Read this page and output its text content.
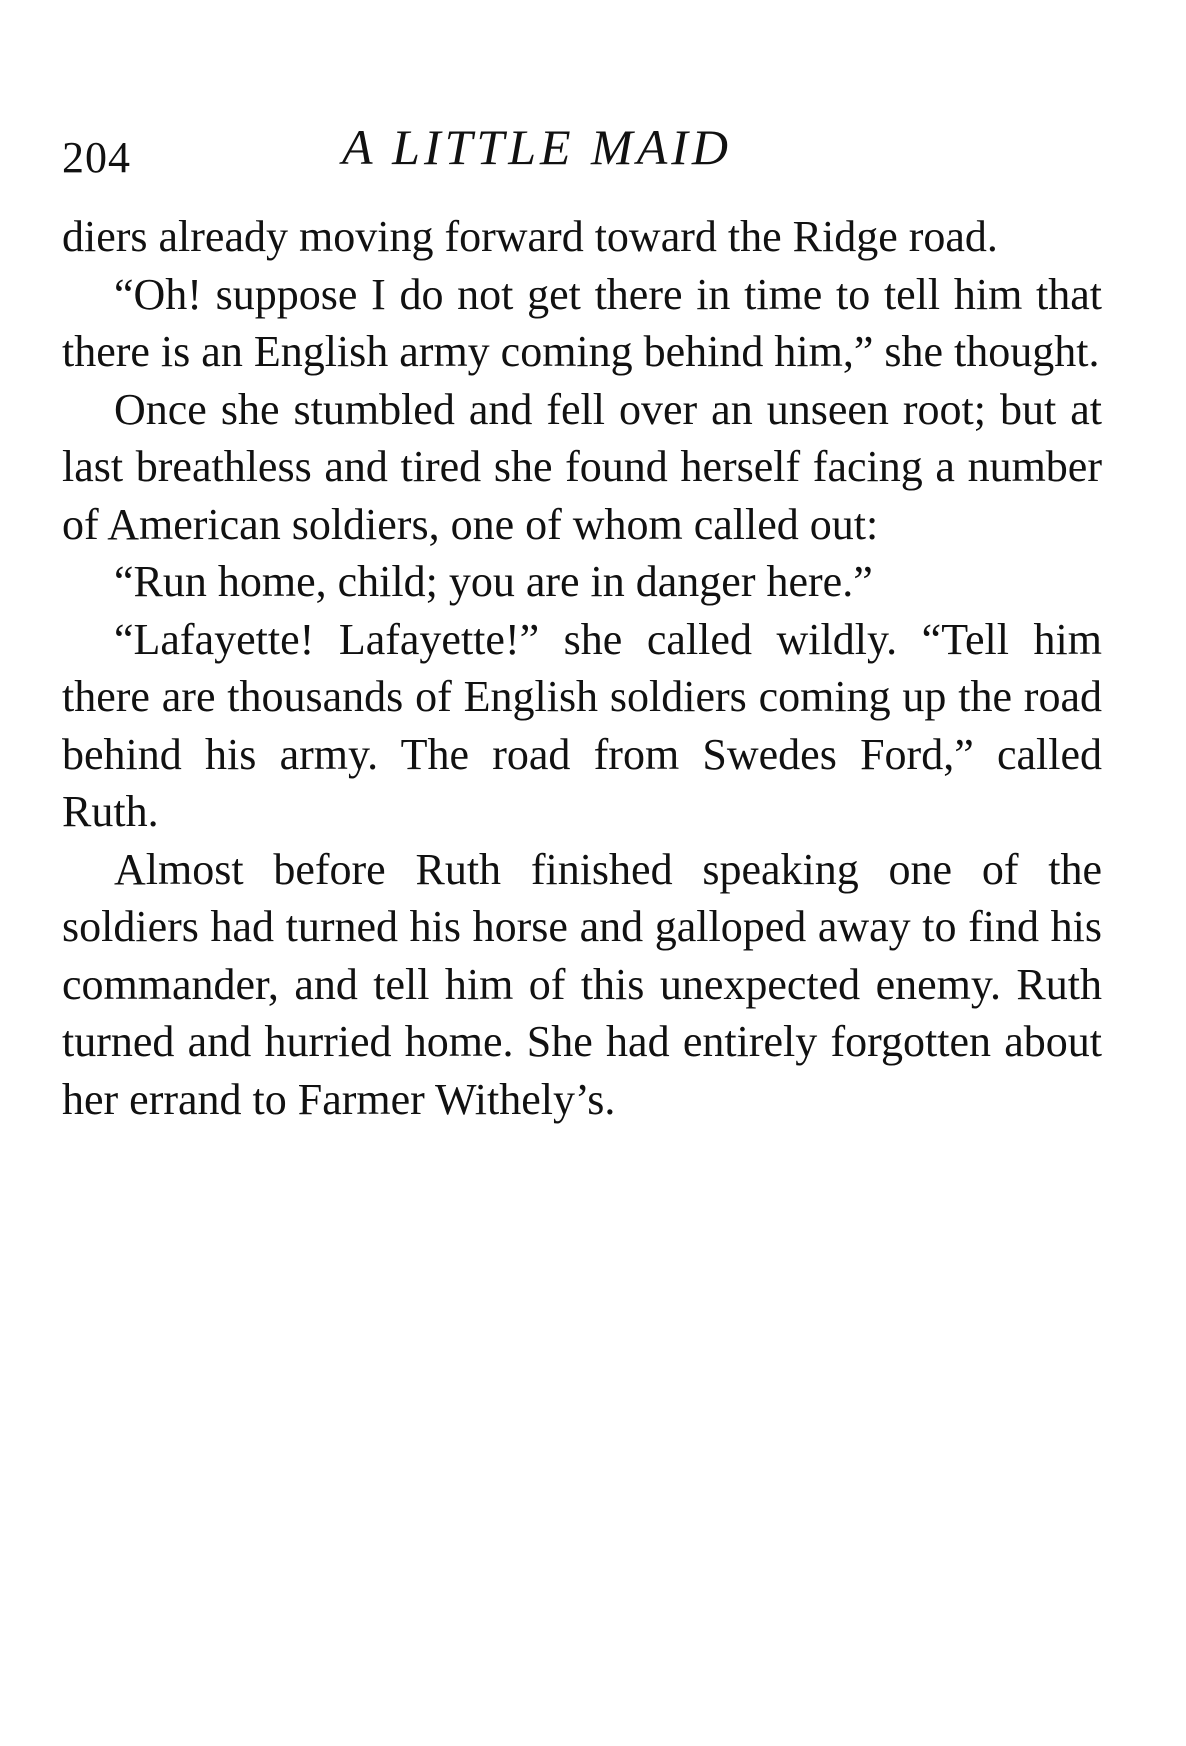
204	A LITTLE MAID

diers already moving forward toward the Ridge road.

“Oh! suppose I do not get there in time to tell him that there is an English army coming behind him,” she thought.

Once she stumbled and fell over an unseen root; but at last breathless and tired she found herself facing a number of American soldiers, one of whom called out:

“Run home, child; you are in danger here.”

“Lafayette! Lafayette!” she called wildly. “Tell him there are thousands of English soldiers coming up the road behind his army. The road from Swedes Ford,” called Ruth.

Almost before Ruth finished speaking one of the soldiers had turned his horse and galloped away to find his commander, and tell him of this unexpected enemy. Ruth turned and hurried home. She had entirely forgotten about her errand to Farmer Withely’s.
